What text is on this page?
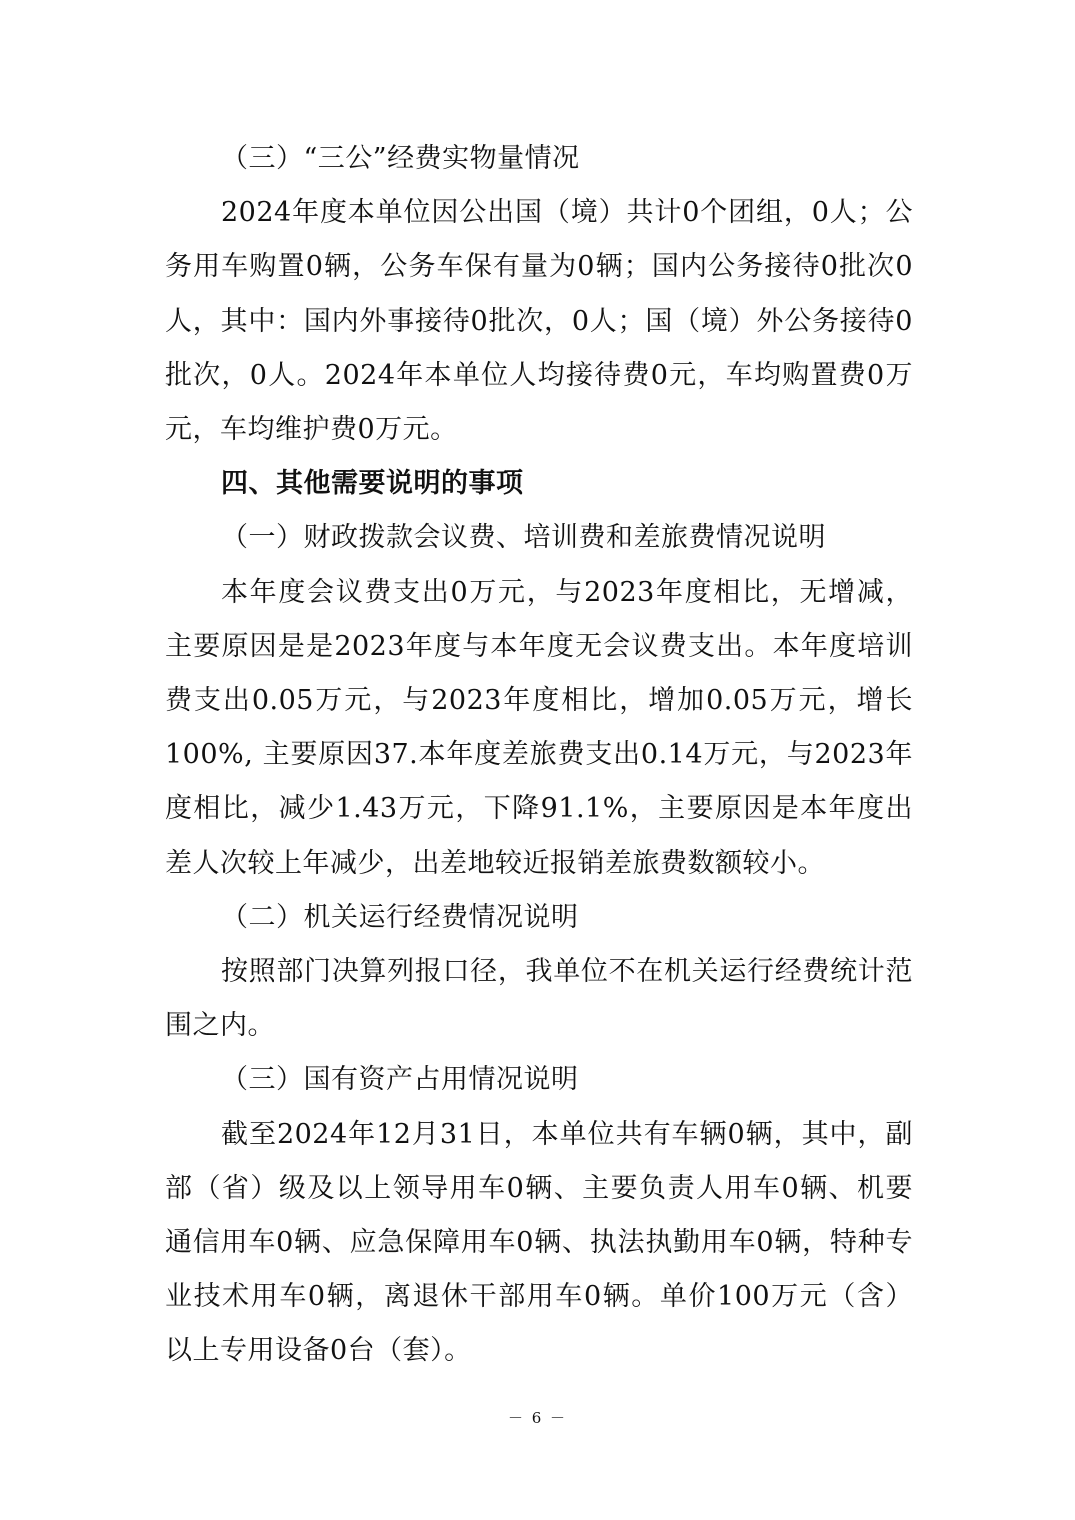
（三）“三公”经费实物量情况

2024年度本单位因公出国（境）共计0个团组，0人；公务用车购置0辆，公务车保有量为0辆；国内公务接待0批次0人，其中：国内外事接待0批次，0人；国（境）外公务接待0批次，0人。2024年本单位人均接待费0元，车均购置费0万元，车均维护费0万元。

四、其他需要说明的事项

（一）财政拨款会议费、培训费和差旅费情况说明

本年度会议费支出0万元，与2023年度相比，无增减，主要原因是是2023年度与本年度无会议费支出。本年度培训费支出0.05万元，与2023年度相比，增加0.05万元，增长100%, 主要原因37.本年度差旅费支出0.14万元，与2023年度相比，减少1.43万元，下降91.1%，主要原因是本年度出差人次较上年减少，出差地较近报销差旅费数额较小。

（二）机关运行经费情况说明

按照部门决算列报口径，我单位不在机关运行经费统计范围之内。

（三）国有资产占用情况说明

截至2024年12月31日，本单位共有车辆0辆，其中，副部（省）级及以上领导用车0辆、主要负责人用车0辆、机要通信用车0辆、应急保障用车0辆、执法执勤用车0辆，特种专业技术用车0辆，离退休干部用车0辆。单价100万元（含）以上专用设备0台（套）。

－ 6 －
